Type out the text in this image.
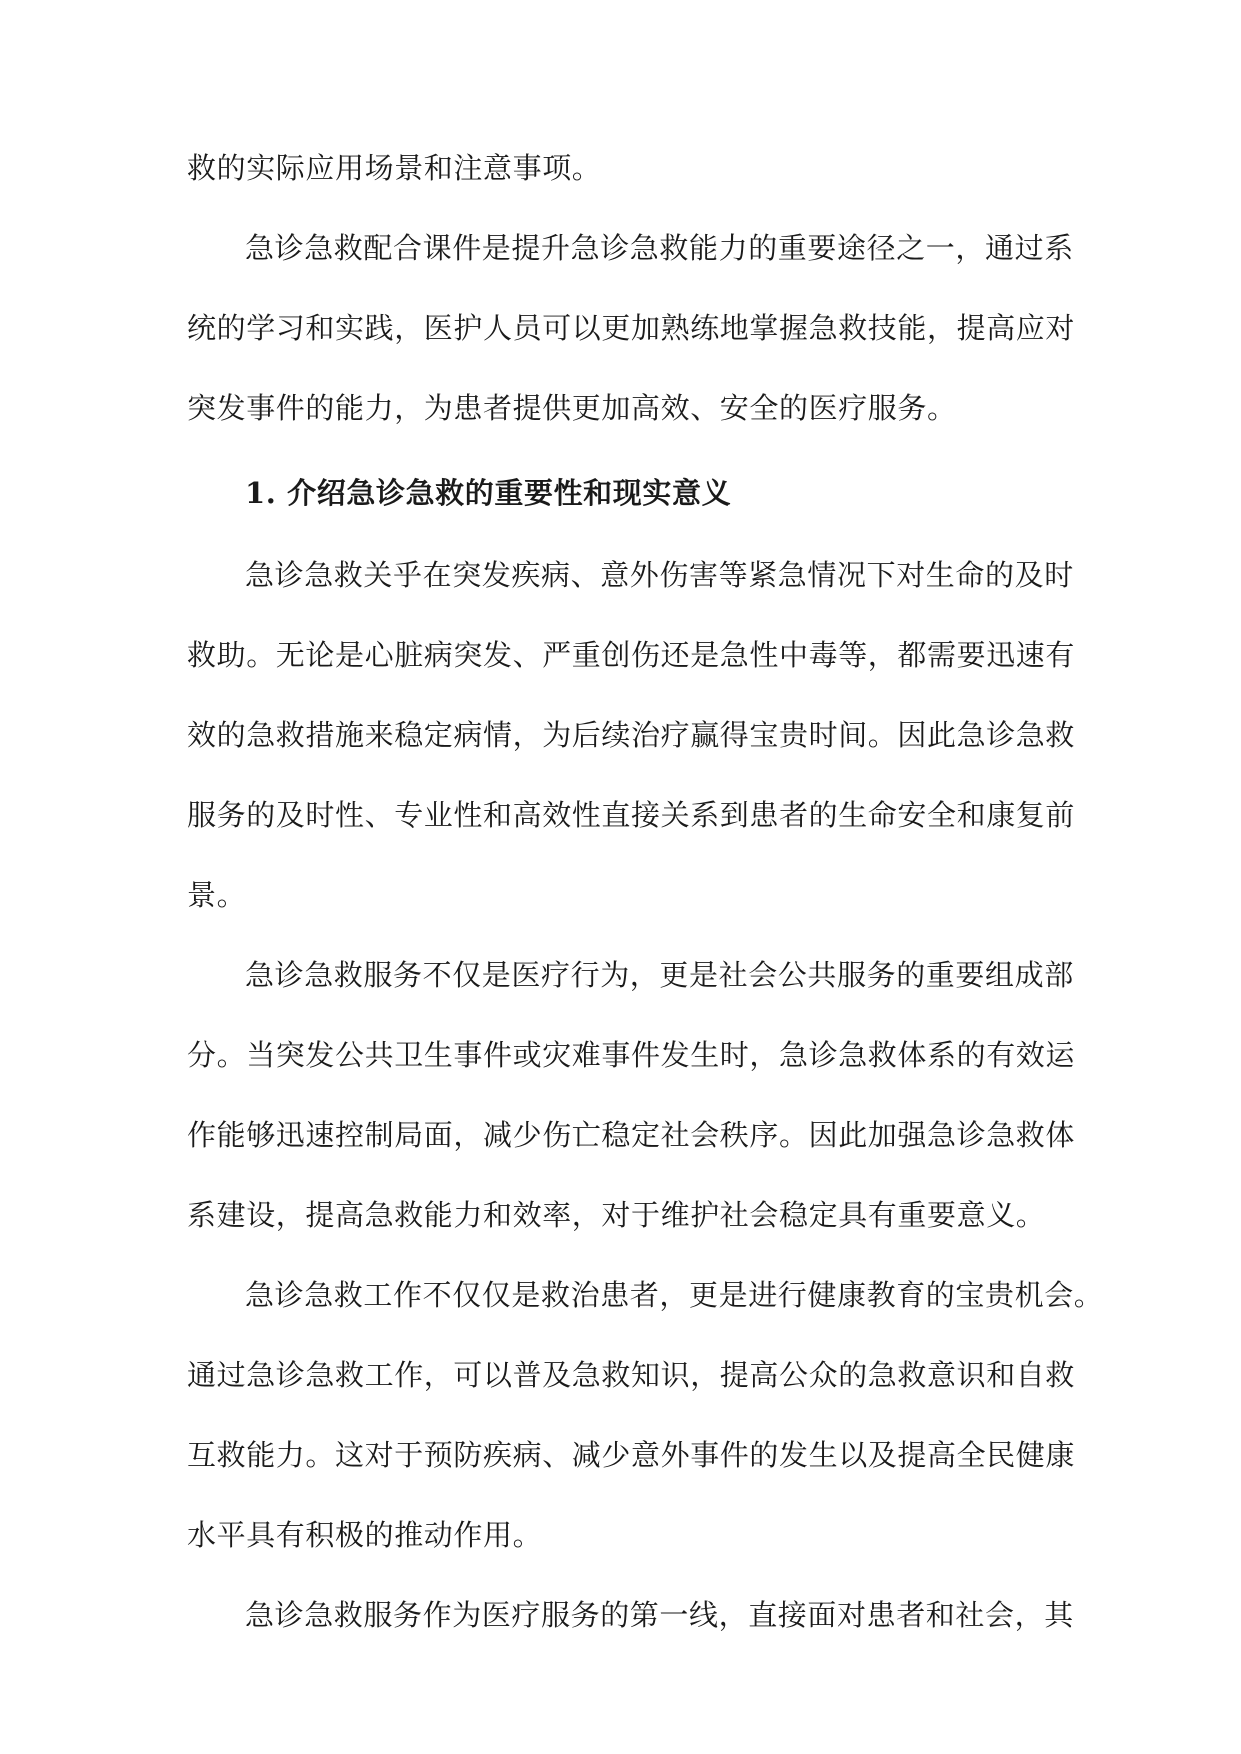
救的实际应用场景和注意事项。
急诊急救配合课件是提升急诊急救能力的重要途径之一，通过系
统的学习和实践，医护人员可以更加熟练地掌握急救技能，提高应对
突发事件的能力，为患者提供更加高效、安全的医疗服务。
1. 介绍急诊急救的重要性和现实意义
急诊急救关乎在突发疾病、意外伤害等紧急情况下对生命的及时
救助。无论是心脏病突发、严重创伤还是急性中毒等，都需要迅速有
效的急救措施来稳定病情，为后续治疗赢得宝贵时间。因此急诊急救
服务的及时性、专业性和高效性直接关系到患者的生命安全和康复前
景。
急诊急救服务不仅是医疗行为，更是社会公共服务的重要组成部
分。当突发公共卫生事件或灾难事件发生时，急诊急救体系的有效运
作能够迅速控制局面，减少伤亡稳定社会秩序。因此加强急诊急救体
系建设，提高急救能力和效率，对于维护社会稳定具有重要意义。
急诊急救工作不仅仅是救治患者，更是进行健康教育的宝贵机会。
通过急诊急救工作，可以普及急救知识，提高公众的急救意识和自救
互救能力。这对于预防疾病、减少意外事件的发生以及提高全民健康
水平具有积极的推动作用。
急诊急救服务作为医疗服务的第一线，直接面对患者和社会，其
